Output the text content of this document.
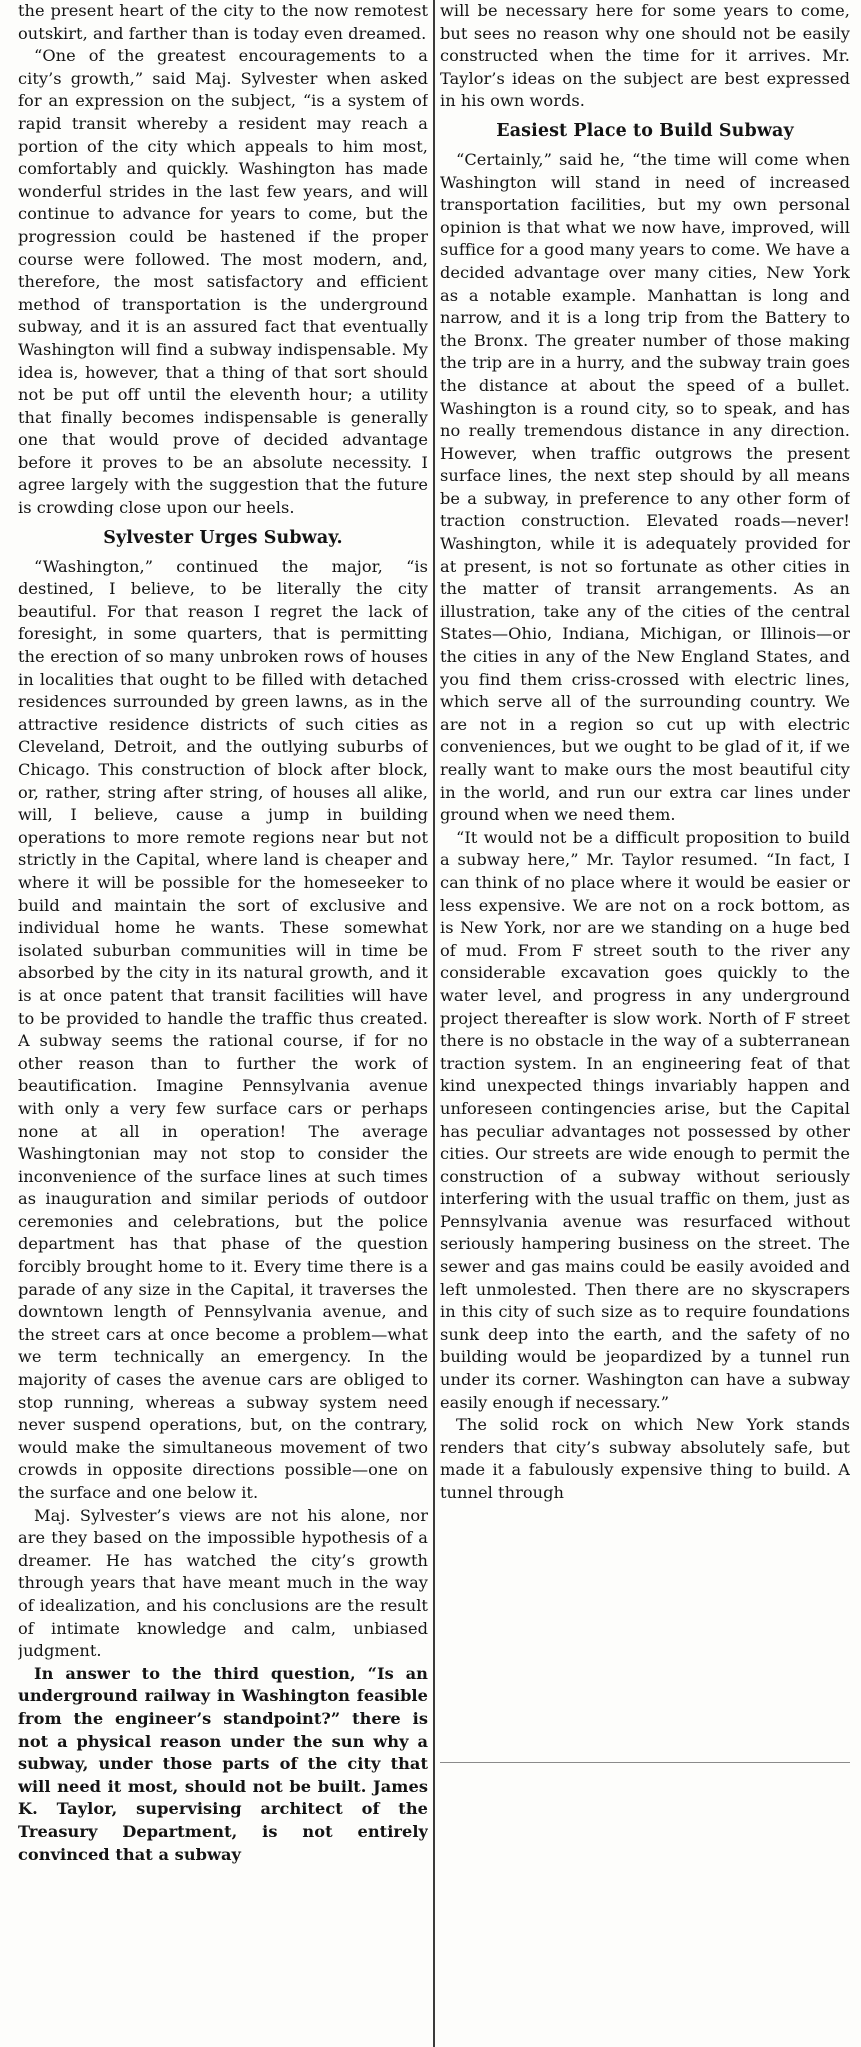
the present heart of the city to the now remotest outskirt, and farther than is today even dreamed.

“One of the greatest encouragements to a city’s growth,” said Maj. Sylvester when asked for an expression on the subject, “is a system of rapid transit whereby a resident may reach a portion of the city which appeals to him most, comfortably and quickly. Washington has made wonderful strides in the last few years, and will continue to advance for years to come, but the progression could be hastened if the proper course were followed. The most modern, and, therefore, the most satisfactory and efficient method of transportation is the underground subway, and it is an assured fact that eventually Washington will find a subway indispensable. My idea is, however, that a thing of that sort should not be put off until the eleventh hour; a utility that finally becomes indispensable is generally one that would prove of decided advantage before it proves to be an absolute necessity. I agree largely with the suggestion that the future is crowding close upon our heels.

Sylvester Urges Subway.

“Washington,” continued the major, “is destined, I believe, to be literally the city beautiful. For that reason I regret the lack of foresight, in some quarters, that is permitting the erection of so many unbroken rows of houses in localities that ought to be filled with detached residences surrounded by green lawns, as in the attractive residence districts of such cities as Cleveland, Detroit, and the outlying suburbs of Chicago. This construction of block after block, or, rather, string after string, of houses all alike, will, I believe, cause a jump in building operations to more remote regions near but not strictly in the Capital, where land is cheaper and where it will be possible for the homeseeker to build and maintain the sort of exclusive and individual home he wants. These somewhat isolated suburban communities will in time be absorbed by the city in its natural growth, and it is at once patent that transit facilities will have to be provided to handle the traffic thus created. A subway seems the rational course, if for no other reason than to further the work of beautification. Imagine Pennsylvania avenue with only a very few surface cars or perhaps none at all in operation! The average Washingtonian may not stop to consider the inconvenience of the surface lines at such times as inauguration and similar periods of outdoor ceremonies and celebrations, but the police department has that phase of the question forcibly brought home to it. Every time there is a parade of any size in the Capital, it traverses the downtown length of Pennsylvania avenue, and the street cars at once become a problem—what we term technically an emergency. In the majority of cases the avenue cars are obliged to stop running, whereas a subway system need never suspend operations, but, on the contrary, would make the simultaneous movement of two crowds in opposite directions possible—one on the surface and one below it.

Maj. Sylvester’s views are not his alone, nor are they based on the impossible hypothesis of a dreamer. He has watched the city’s growth through years that have meant much in the way of idealization, and his conclusions are the result of intimate knowledge and calm, unbiased judgment.

In answer to the third question, “Is an underground railway in Washington feasible from the engineer’s standpoint?” there is not a physical reason under the sun why a subway, under those parts of the city that will need it most, should not be built. James K. Taylor, supervising architect of the Treasury Department, is not entirely convinced that a subway

will be necessary here for some years to come, but sees no reason why one should not be easily constructed when the time for it arrives. Mr. Taylor’s ideas on the subject are best expressed in his own words.

Easiest Place to Build Subway

“Certainly,” said he, “the time will come when Washington will stand in need of increased transportation facilities, but my own personal opinion is that what we now have, improved, will suffice for a good many years to come. We have a decided advantage over many cities, New York as a notable example. Manhattan is long and narrow, and it is a long trip from the Battery to the Bronx. The greater number of those making the trip are in a hurry, and the subway train goes the distance at about the speed of a bullet. Washington is a round city, so to speak, and has no really tremendous distance in any direction. However, when traffic outgrows the present surface lines, the next step should by all means be a subway, in preference to any other form of traction construction. Elevated roads—never! Washington, while it is adequately provided for at present, is not so fortunate as other cities in the matter of transit arrangements. As an illustration, take any of the cities of the central States—Ohio, Indiana, Michigan, or Illinois—or the cities in any of the New England States, and you find them criss-crossed with electric lines, which serve all of the surrounding country. We are not in a region so cut up with electric conveniences, but we ought to be glad of it, if we really want to make ours the most beautiful city in the world, and run our extra car lines under ground when we need them.

“It would not be a difficult proposition to build a subway here,” Mr. Taylor resumed. “In fact, I can think of no place where it would be easier or less expensive. We are not on a rock bottom, as is New York, nor are we standing on a huge bed of mud. From F street south to the river any considerable excavation goes quickly to the water level, and progress in any underground project thereafter is slow work. North of F street there is no obstacle in the way of a subterranean traction system. In an engineering feat of that kind unexpected things invariably happen and unforeseen contingencies arise, but the Capital has peculiar advantages not possessed by other cities. Our streets are wide enough to permit the construction of a subway without seriously interfering with the usual traffic on them, just as Pennsylvania avenue was resurfaced without seriously hampering business on the street. The sewer and gas mains could be easily avoided and left unmolested. Then there are no skyscrapers in this city of such size as to require foundations sunk deep into the earth, and the safety of no building would be jeopardized by a tunnel run under its corner. Washington can have a subway easily enough if necessary.”

The solid rock on which New York stands renders that city’s subway absolutely safe, but made it a fabulously expensive thing to build. A tunnel through
